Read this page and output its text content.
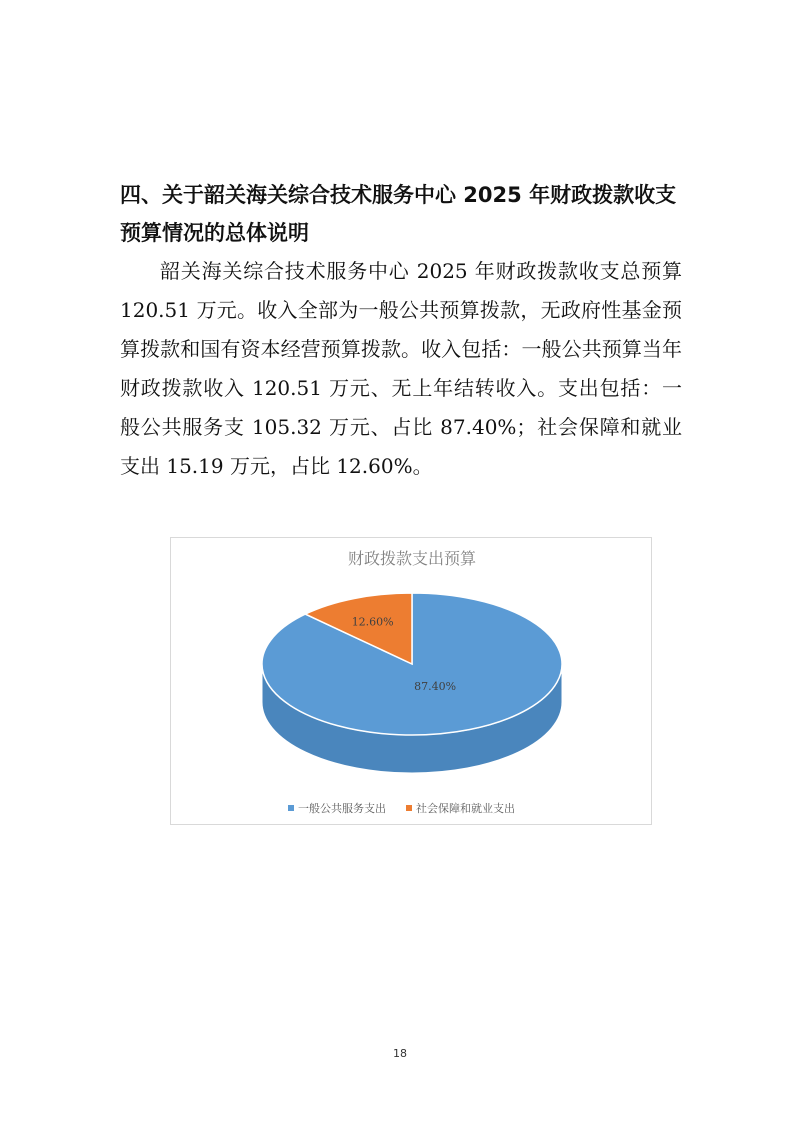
四、关于韶关海关综合技术服务中心 2025 年财政拨款收支预算情况的总体说明

韶关海关综合技术服务中心 2025 年财政拨款收支总预算 120.51 万元。收入全部为一般公共预算拨款，无政府性基金预算拨款和国有资本经营预算拨款。收入包括：一般公共预算当年财政拨款收入 120.51 万元、无上年结转收入。支出包括：一般公共服务支 105.32 万元、占比 87.40%；社会保障和就业支出 15.19 万元，占比 12.60%。

财政拨款支出预算
87.40%
12.60%
一般公共服务支出	社会保障和就业支出
18
